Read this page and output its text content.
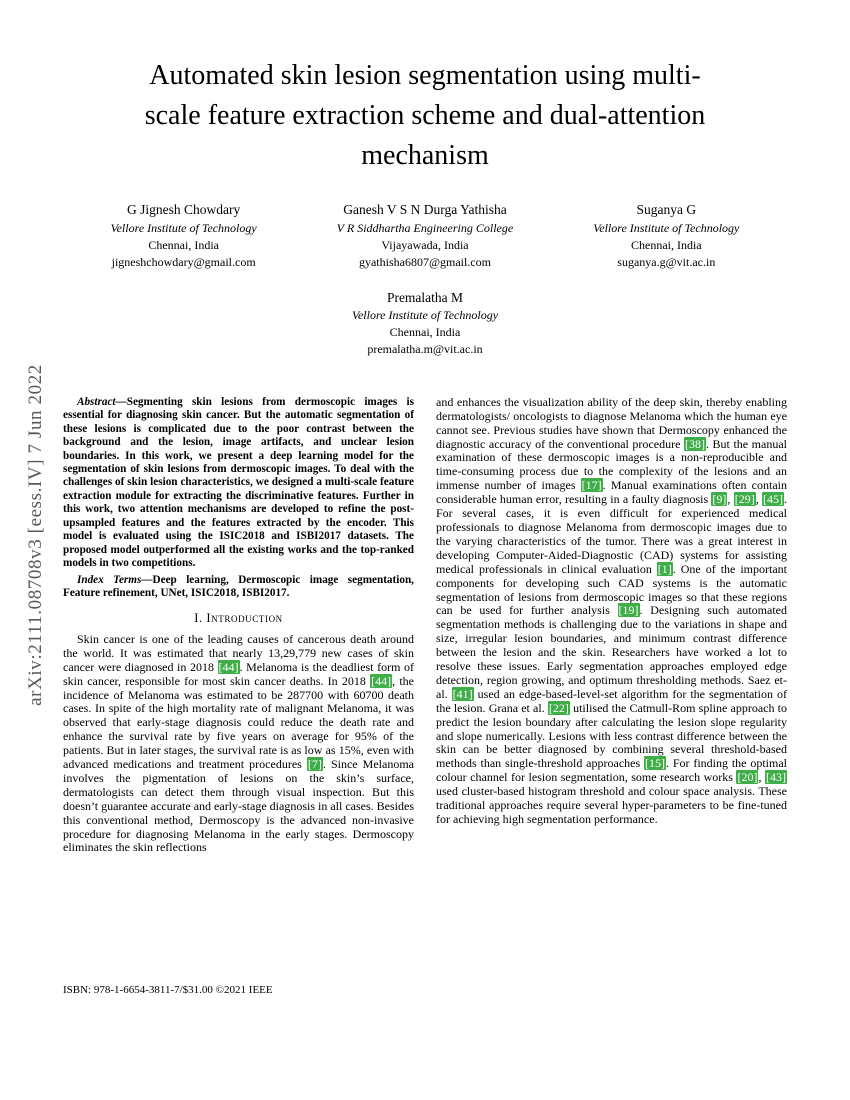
arXiv:2111.08708v3 [eess.IV] 7 Jun 2022
Automated skin lesion segmentation using multi-scale feature extraction scheme and dual-attention mechanism
G Jignesh Chowdary
Vellore Institute of Technology
Chennai, India
jigneshchowdary@gmail.com
Ganesh V S N Durga Yathisha
V R Siddhartha Engineering College
Vijayawada, India
gyathisha6807@gmail.com
Suganya G
Vellore Institute of Technology
Chennai, India
suganya.g@vit.ac.in
Premalatha M
Vellore Institute of Technology
Chennai, India
premalatha.m@vit.ac.in

Abstract—Segmenting skin lesions from dermoscopic images is essential for diagnosing skin cancer. But the automatic segmentation of these lesions is complicated due to the poor contrast between the background and the lesion, image artifacts, and unclear lesion boundaries. In this work, we present a deep learning model for the segmentation of skin lesions from dermoscopic images. To deal with the challenges of skin lesion characteristics, we designed a multi-scale feature extraction module for extracting the discriminative features. Further in this work, two attention mechanisms are developed to refine the post-upsampled features and the features extracted by the encoder. This model is evaluated using the ISIC2018 and ISBI2017 datasets. The proposed model outperformed all the existing works and the top-ranked models in two competitions.

Index Terms—Deep learning, Dermoscopic image segmentation, Feature refinement, UNet, ISIC2018, ISBI2017.

I. Introduction

Skin cancer is one of the leading causes of cancerous death around the world. It was estimated that nearly 13,29,779 new cases of skin cancer were diagnosed in 2018 [44]. Melanoma is the deadliest form of skin cancer, responsible for most skin cancer deaths. In 2018 [44], the incidence of Melanoma was estimated to be 287700 with 60700 death cases. In spite of the high mortality rate of malignant Melanoma, it was observed that early-stage diagnosis could reduce the death rate and enhance the survival rate by five years on average for 95% of the patients. But in later stages, the survival rate is as low as 15%, even with advanced medications and treatment procedures [7]. Since Melanoma involves the pigmentation of lesions on the skin’s surface, dermatologists can detect them through visual inspection. But this doesn’t guarantee accurate and early-stage diagnosis in all cases. Besides this conventional method, Dermoscopy is the advanced non-invasive procedure for diagnosing Melanoma in the early stages. Dermoscopy eliminates the skin reflections

and enhances the visualization ability of the deep skin, thereby enabling dermatologists/ oncologists to diagnose Melanoma which the human eye cannot see. Previous studies have shown that Dermoscopy enhanced the diagnostic accuracy of the conventional procedure [38]. But the manual examination of these dermoscopic images is a non-reproducible and time-consuming process due to the complexity of the lesions and an immense number of images [17]. Manual examinations often contain considerable human error, resulting in a faulty diagnosis [9], [29], [45]. For several cases, it is even difficult for experienced medical professionals to diagnose Melanoma from dermoscopic images due to the varying characteristics of the tumor. There was a great interest in developing Computer-Aided-Diagnostic (CAD) systems for assisting medical professionals in clinical evaluation [1]. One of the important components for developing such CAD systems is the automatic segmentation of lesions from dermoscopic images so that these regions can be used for further analysis [19]. Designing such automated segmentation methods is challenging due to the variations in shape and size, irregular lesion boundaries, and minimum contrast difference between the lesion and the skin. Researchers have worked a lot to resolve these issues. Early segmentation approaches employed edge detection, region growing, and optimum thresholding methods. Saez et-al. [41] used an edge-based-level-set algorithm for the segmentation of the lesion. Grana et al. [22] utilised the Catmull-Rom spline approach to predict the lesion boundary after calculating the lesion slope regularity and slope numerically. Lesions with less contrast difference between the skin can be better diagnosed by combining several threshold-based methods than single-threshold approaches [15]. For finding the optimal colour channel for lesion segmentation, some research works [20], [43] used cluster-based histogram threshold and colour space analysis. These traditional approaches require several hyper-parameters to be fine-tuned for achieving high segmentation performance.

ISBN: 978-1-6654-3811-7/$31.00 ©2021 IEEE
